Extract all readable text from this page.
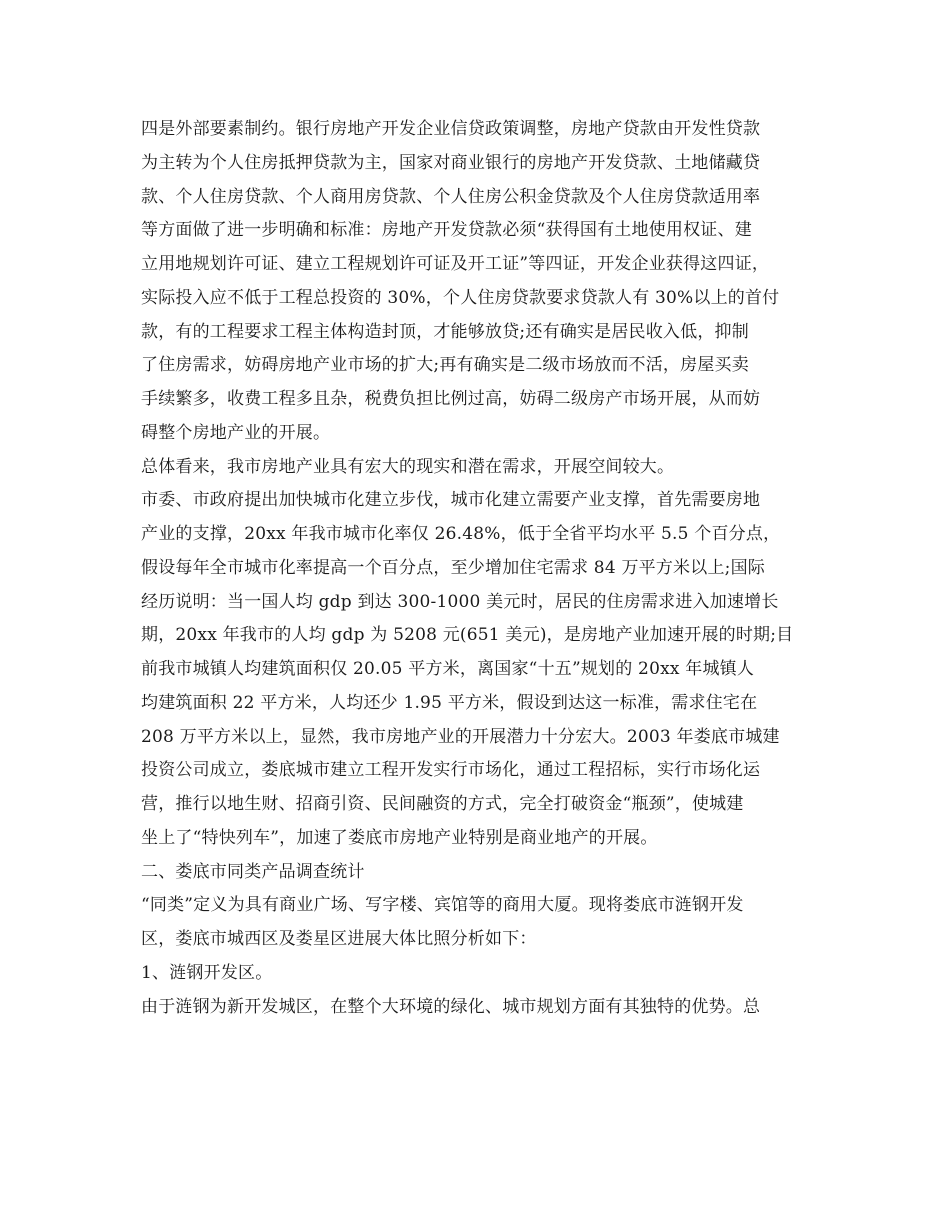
四是外部要素制约。银行房地产开发企业信贷政策调整，房地产贷款由开发性贷款

为主转为个人住房抵押贷款为主，国家对商业银行的房地产开发贷款、土地储藏贷

款、个人住房贷款、个人商用房贷款、个人住房公积金贷款及个人住房贷款适用率

等方面做了进一步明确和标准：房地产开发贷款必须“获得国有土地使用权证、建

立用地规划许可证、建立工程规划许可证及开工证”等四证，开发企业获得这四证，

实际投入应不低于工程总投资的 30%，个人住房贷款要求贷款人有 30%以上的首付

款，有的工程要求工程主体构造封顶，才能够放贷;还有确实是居民收入低，抑制

了住房需求，妨碍房地产业市场的扩大;再有确实是二级市场放而不活，房屋买卖

手续繁多，收费工程多且杂，税费负担比例过高，妨碍二级房产市场开展，从而妨

碍整个房地产业的开展。

总体看来，我市房地产业具有宏大的现实和潜在需求，开展空间较大。

市委、市政府提出加快城市化建立步伐，城市化建立需要产业支撑，首先需要房地

产业的支撑，20xx 年我市城市化率仅 26.48%，低于全省平均水平 5.5 个百分点，

假设每年全市城市化率提高一个百分点，至少增加住宅需求 84 万平方米以上;国际

经历说明：当一国人均 gdp 到达 300-1000 美元时，居民的住房需求进入加速增长

期，20xx 年我市的人均 gdp 为 5208 元(651 美元)，是房地产业加速开展的时期;目

前我市城镇人均建筑面积仅 20.05 平方米，离国家“十五”规划的 20xx 年城镇人

均建筑面积 22 平方米，人均还少 1.95 平方米，假设到达这一标准，需求住宅在

208 万平方米以上，显然，我市房地产业的开展潜力十分宏大。2003 年娄底市城建

投资公司成立，娄底城市建立工程开发实行市场化，通过工程招标，实行市场化运

营，推行以地生财、招商引资、民间融资的方式，完全打破资金“瓶颈”，使城建

坐上了“特快列车”，加速了娄底市房地产业特别是商业地产的开展。

二、娄底市同类产品调查统计

“同类”定义为具有商业广场、写字楼、宾馆等的商用大厦。现将娄底市涟钢开发

区，娄底市城西区及娄星区进展大体比照分析如下：

1、涟钢开发区。

由于涟钢为新开发城区，在整个大环境的绿化、城市规划方面有其独特的优势。总
